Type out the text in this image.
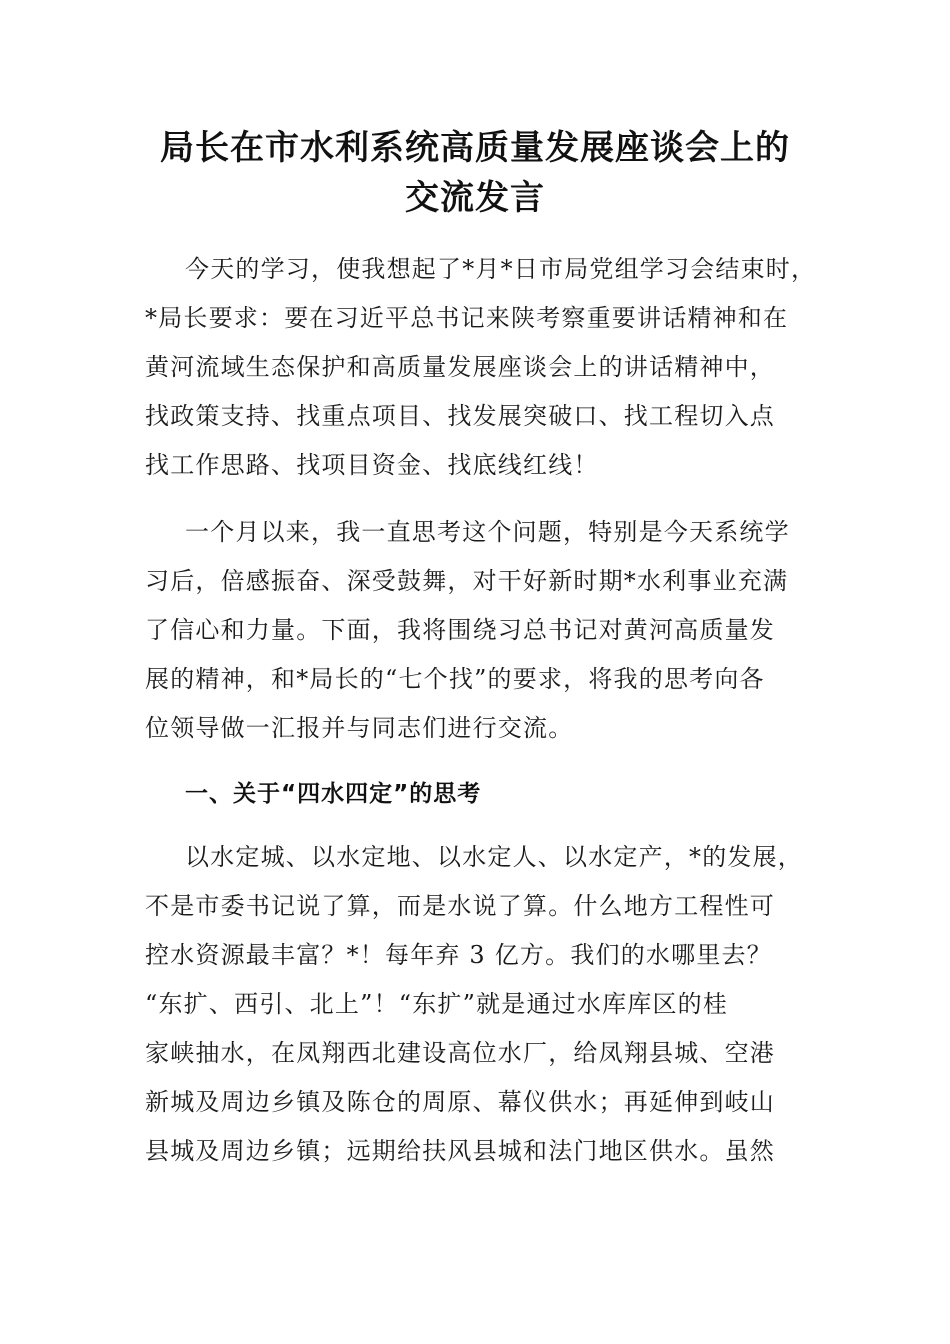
局长在市水利系统高质量发展座谈会上的
交流发言
今天的学习，使我想起了*月*日市局党组学习会结束时，
*局长要求：要在习近平总书记来陕考察重要讲话精神和在
黄河流域生态保护和高质量发展座谈会上的讲话精神中，
找政策支持、找重点项目、找发展突破口、找工程切入点
找工作思路、找项目资金、找底线红线！
一个月以来，我一直思考这个问题，特别是今天系统学
习后，倍感振奋、深受鼓舞，对干好新时期*水利事业充满
了信心和力量。下面，我将围绕习总书记对黄河高质量发
展的精神，和*局长的“七个找”的要求，将我的思考向各
位领导做一汇报并与同志们进行交流。
一、关于“四水四定”的思考
以水定城、以水定地、以水定人、以水定产，*的发展，
不是市委书记说了算，而是水说了算。什么地方工程性可
控水资源最丰富？*！每年弃 3 亿方。我们的水哪里去？
“东扩、西引、北上”！“东扩”就是通过水库库区的桂
家峡抽水，在凤翔西北建设高位水厂，给凤翔县城、空港
新城及周边乡镇及陈仓的周原、幕仪供水；再延伸到岐山
县城及周边乡镇；远期给扶风县城和法门地区供水。虽然
